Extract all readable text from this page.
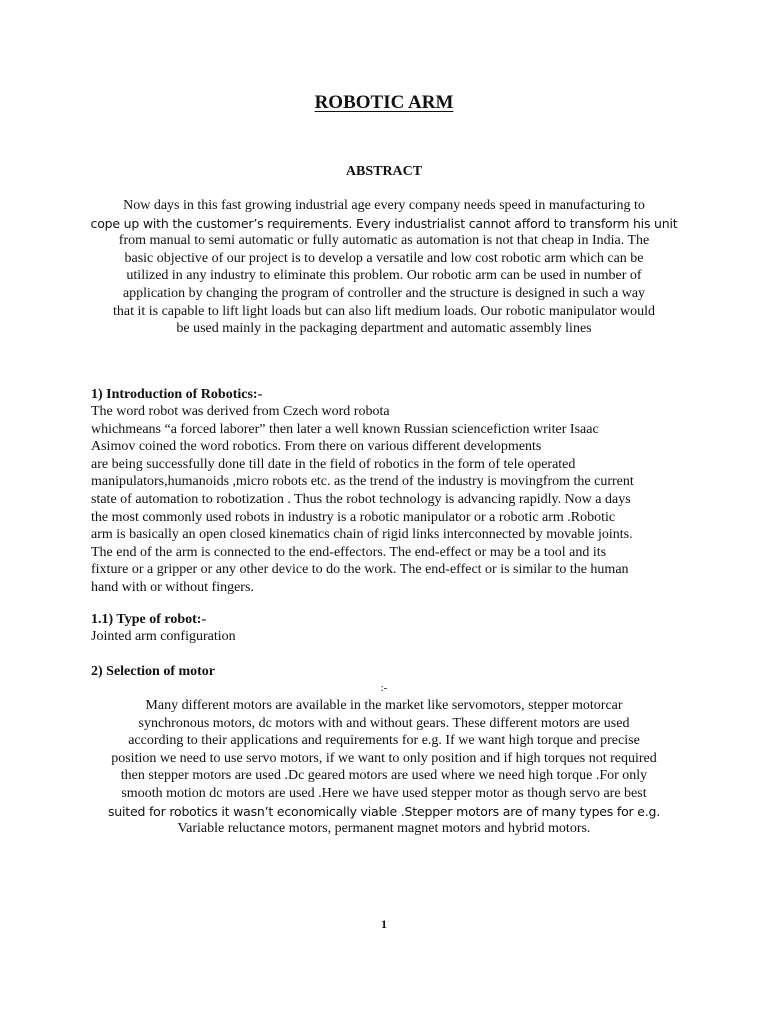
ROBOTIC ARM
ABSTRACT
Now days in this fast growing industrial age every company needs speed in manufacturing to
cope up with the customer’s requirements. Every industrialist cannot afford to transform his unit
from manual to semi automatic or fully automatic as automation is not that cheap in India. The
basic objective of our project is to develop a versatile and low cost robotic arm which can be
utilized in any industry to eliminate this problem. Our robotic arm can be used in number of
application by changing the program of controller and the structure is designed in such a way
that it is capable to lift light loads but can also lift medium loads. Our robotic manipulator would
be used mainly in the packaging department and automatic assembly lines
1) Introduction of Robotics:-
The word robot was derived from Czech word robota
whichmeans “a forced laborer” then later a well known Russian sciencefiction writer Isaac
Asimov coined the word robotics. From there on various different developments
are being successfully done till date in the field of robotics in the form of tele operated
manipulators,humanoids ,micro robots etc. as the trend of the industry is movingfrom the current
state of automation to robotization . Thus the robot technology is advancing rapidly. Now a days
the most commonly used robots in industry is a robotic manipulator or a robotic arm .Robotic
arm is basically an open closed kinematics chain of rigid links interconnected by movable joints.
The end of the arm is connected to the end-effectors. The end-effect or may be a tool and its
fixture or a gripper or any other device to do the work. The end-effect or is similar to the human
hand with or without fingers.
1.1) Type of robot:-
Jointed arm configuration
2) Selection of motor
:-
Many different motors are available in the market like servomotors, stepper motorcar
synchronous motors, dc motors with and without gears. These different motors are used
according to their applications and requirements for e.g. If we want high torque and precise
position we need to use servo motors, if we want to only position and if high torques not required
then stepper motors are used .Dc geared motors are used where we need high torque .For only
smooth motion dc motors are used .Here we have used stepper motor as though servo are best
suited for robotics it wasn’t economically viable .Stepper motors are of many types for e.g.
Variable reluctance motors, permanent magnet motors and hybrid motors.
1
